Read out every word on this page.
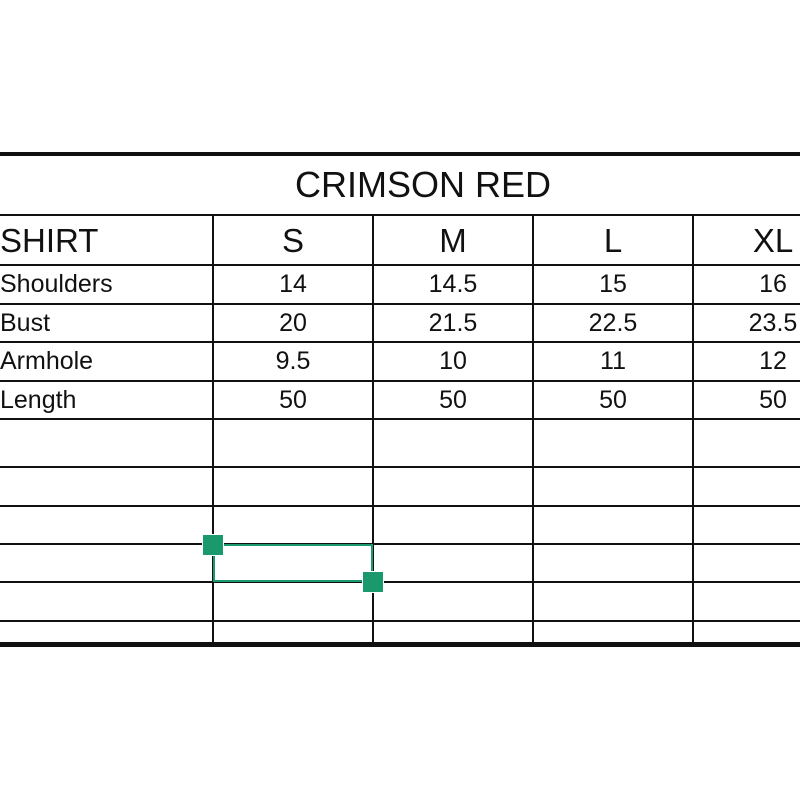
CRIMSON RED
SHIRT	S	M	L	XL
Shoulders	14	14.5	15	16
Bust	20	21.5	22.5	23.5
Armhole	9.5	10	11	12
Length	50	50	50	50
